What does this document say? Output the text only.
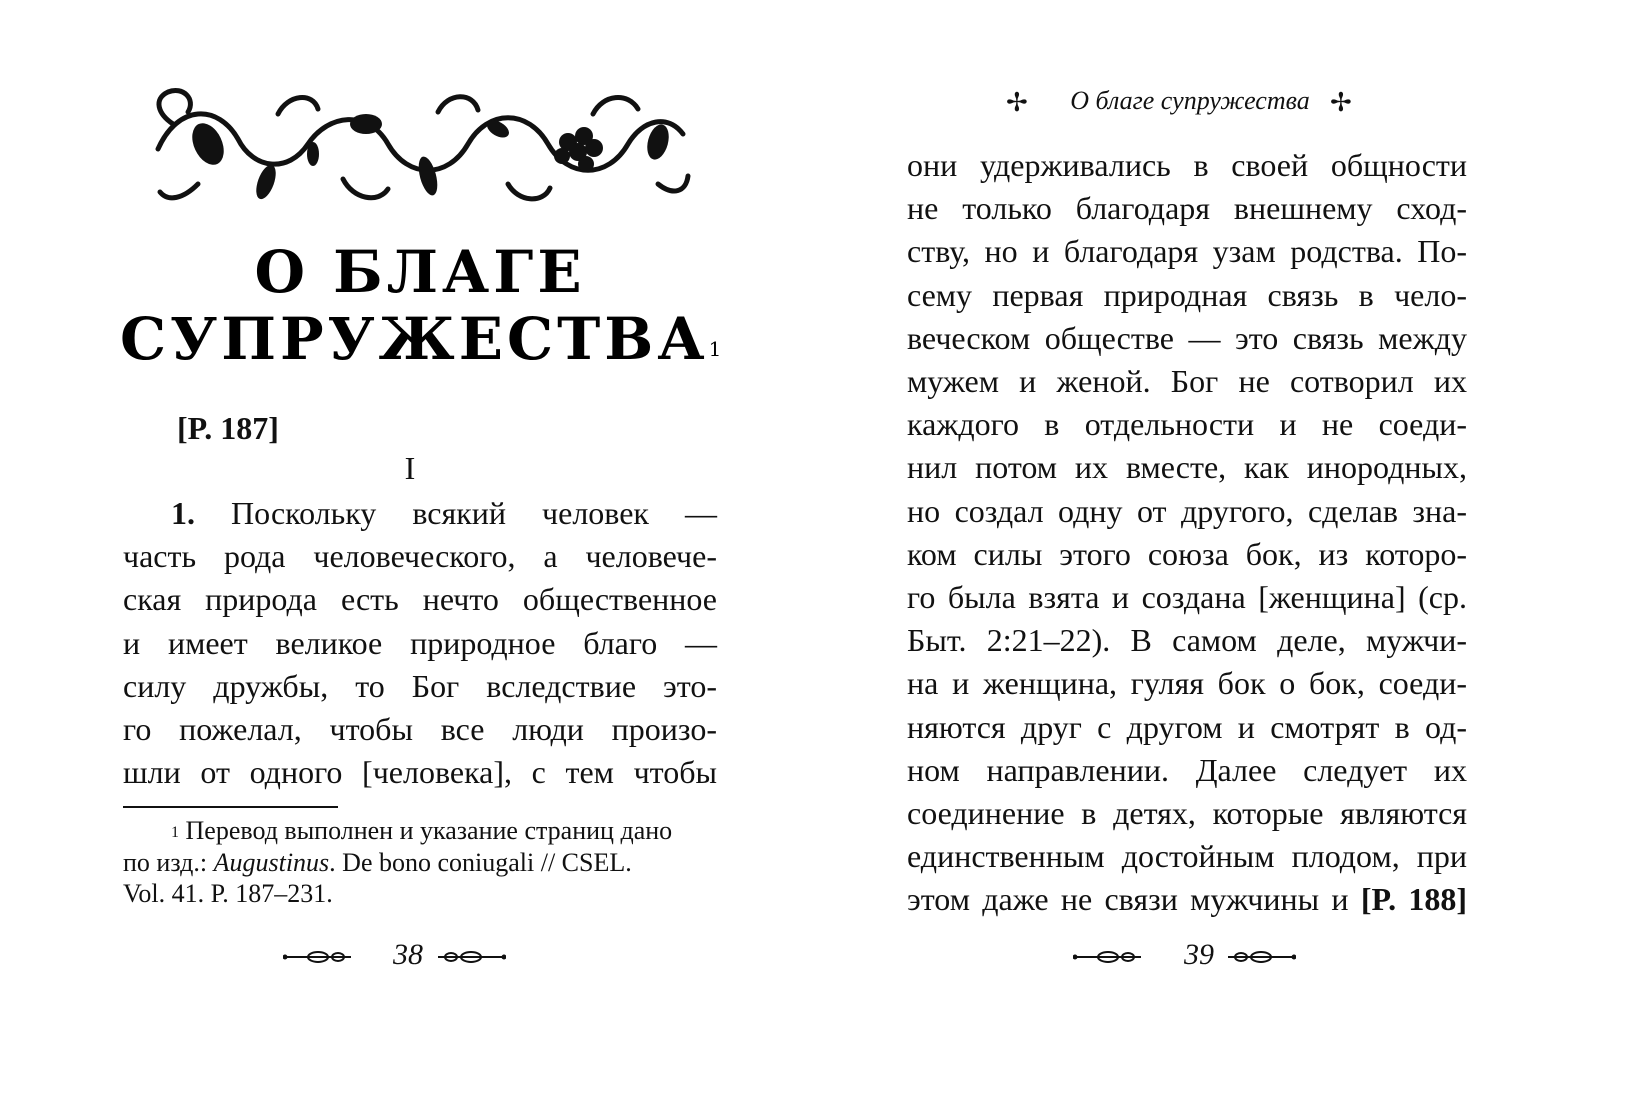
О БЛАГЕ
СУПРУЖЕСТВА$^1$
[P. 187]
I
1. Поскольку всякий человек —
часть рода человеческого, а человече-
ская природа есть нечто общественное
и имеет великое природное благо —
силу дружбы, то Бог вследствие это-
го пожелал, чтобы все люди произо-
шли от одного [человека], с тем чтобы
$^1$ Перевод выполнен и указание страниц дано
по изд.: Augustinus. De bono coniugali // CSEL.
Vol. 41. P. 187–231.
38
✢	О благе супружества ✢
они удерживались в своей общности
не только благодаря внешнему сход-
ству, но и благодаря узам родства. По-
сему первая природная связь в чело-
веческом обществе — это связь между
мужем и женой. Бог не сотворил их
каждого в отдельности и не соеди-
нил потом их вместе, как инородных,
но создал одну от другого, сделав зна-
ком силы этого союза бок, из которо-
го была взята и создана [женщина] (ср.
Быт. 2:21–22). В самом деле, мужчи-
на и женщина, гуляя бок о бок, соеди-
няются друг с другом и смотрят в од-
ном направлении. Далее следует их
соединение в детях, которые являются
единственным достойным плодом, при
этом даже не связи мужчины и [P. 188]
39
